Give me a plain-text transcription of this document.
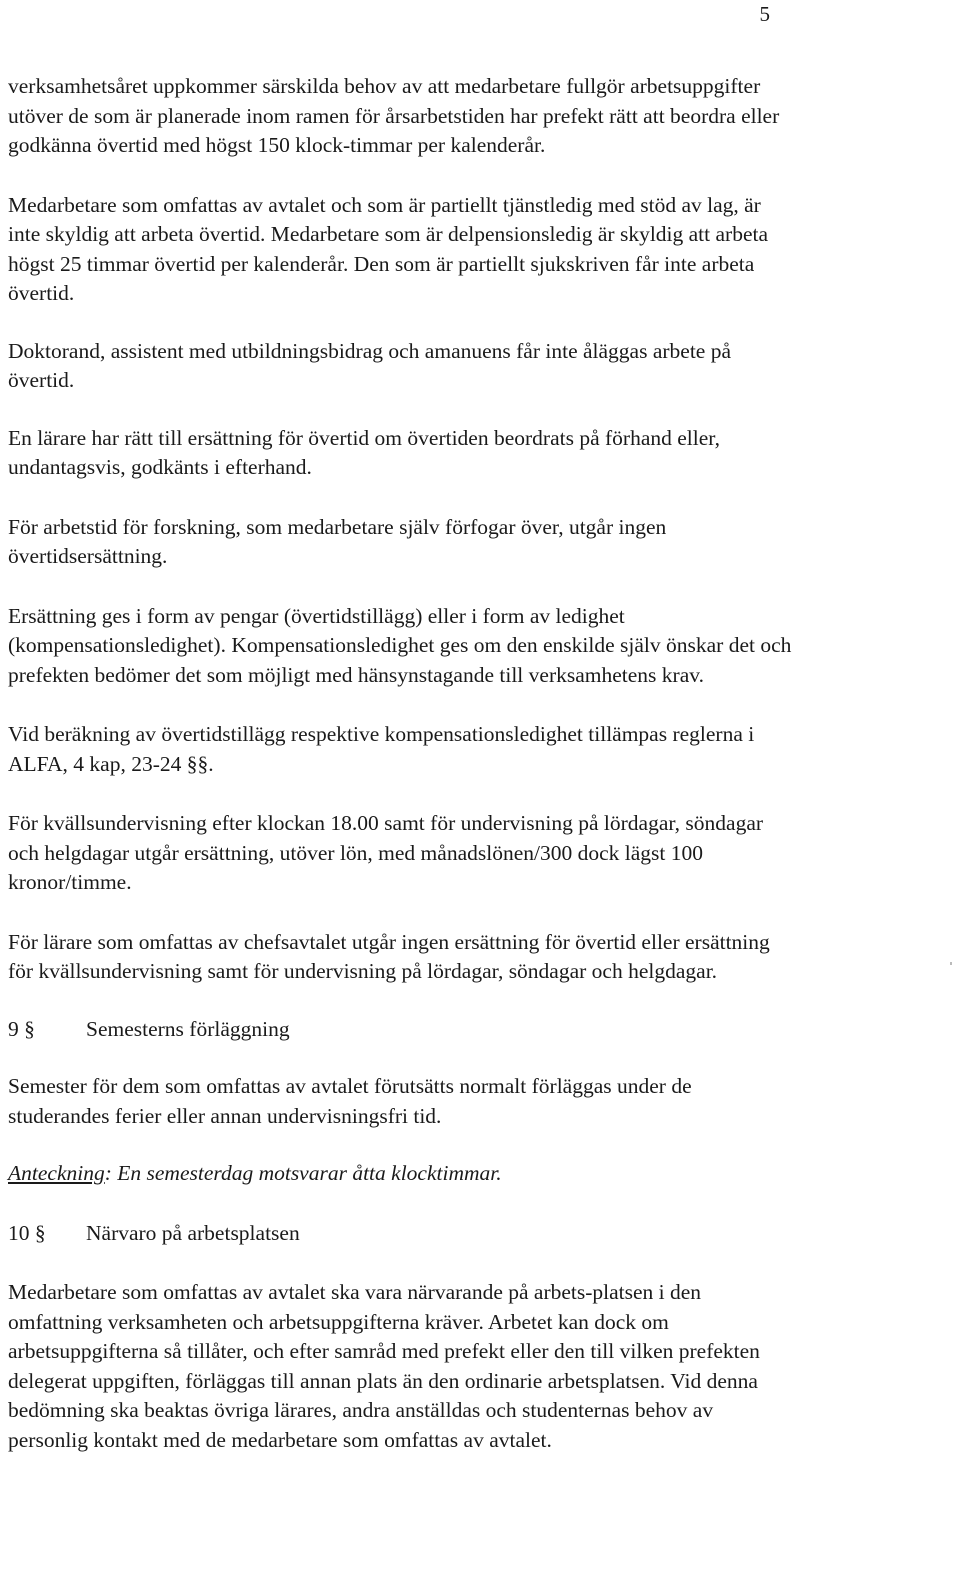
5

verksamhetsåret uppkommer särskilda behov av att medarbetare fullgör arbetsuppgifter utöver de som är planerade inom ramen för årsarbetstiden har prefekt rätt att beordra eller godkänna övertid med högst 150 klock-timmar per kalenderår.

Medarbetare som omfattas av avtalet och som är partiellt tjänstledig med stöd av lag, är inte skyldig att arbeta övertid. Medarbetare som är delpensionsledig är skyldig att arbeta högst 25 timmar övertid per kalenderår. Den som är partiellt sjukskriven får inte arbeta övertid.

Doktorand, assistent med utbildningsbidrag och amanuens får inte åläggas arbete på övertid.

En lärare har rätt till ersättning för övertid om övertiden beordrats på förhand eller, undantagsvis, godkänts i efterhand.

För arbetstid för forskning, som medarbetare själv förfogar över, utgår ingen övertidsersättning.

Ersättning ges i form av pengar (övertidstillägg) eller i form av ledighet (kompensationsledighet). Kompensationsledighet ges om den enskilde själv önskar det och prefekten bedömer det som möjligt med hänsynstagande till verksamhetens krav.

Vid beräkning av övertidstillägg respektive kompensationsledighet tillämpas reglerna i ALFA, 4 kap, 23-24 §§.

För kvällsundervisning efter klockan 18.00 samt för undervisning på lördagar, söndagar och helgdagar utgår ersättning, utöver lön, med månadslönen/300 dock lägst 100 kronor/timme.

För lärare som omfattas av chefsavtalet utgår ingen ersättning för övertid eller ersättning för kvällsundervisning samt för undervisning på lördagar, söndagar och helgdagar.

9 §	Semesterns förläggning

Semester för dem som omfattas av avtalet förutsätts normalt förläggas under de studerandes ferier eller annan undervisningsfri tid.

Anteckning: En semesterdag motsvarar åtta klocktimmar.

10 §	Närvaro på arbetsplatsen

Medarbetare som omfattas av avtalet ska vara närvarande på arbets-platsen i den omfattning verksamheten och arbetsuppgifterna kräver. Arbetet kan dock om arbetsuppgifterna så tillåter, och efter samråd med prefekt eller den till vilken prefekten delegerat uppgiften, förläggas till annan plats än den ordinarie arbetsplatsen. Vid denna bedömning ska beaktas övriga lärares, andra anställdas och studenternas behov av personlig kontakt med de medarbetare som omfattas av avtalet.
